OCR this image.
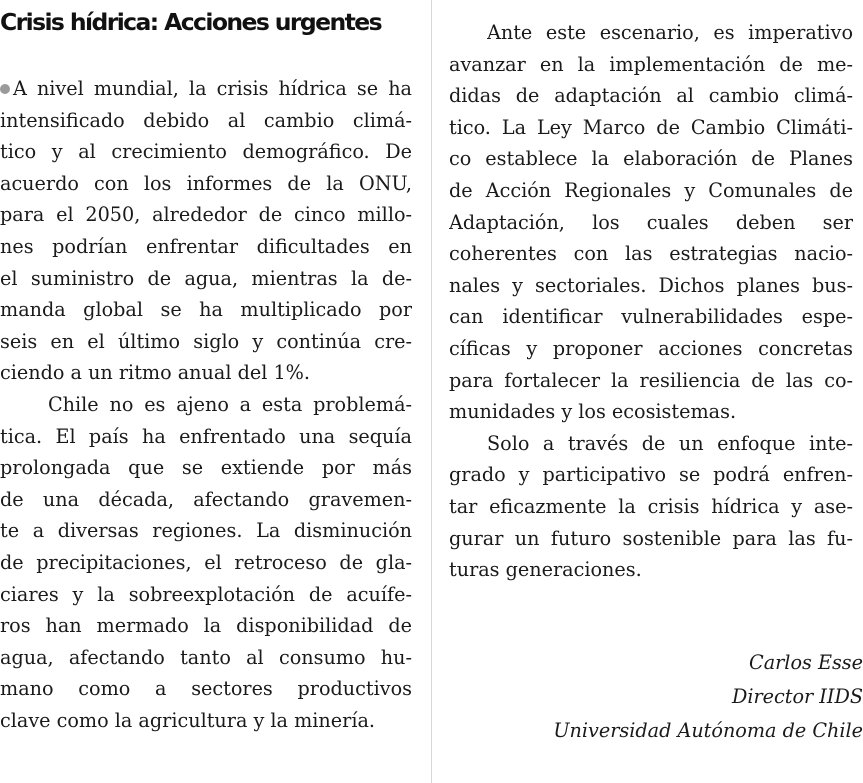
Crisis hídrica: Acciones urgentes
A nivel mundial, la crisis hídrica se ha
intensificado debido al cambio climá-
tico y al crecimiento demográfico. De
acuerdo con los informes de la ONU,
para el 2050, alrededor de cinco millo-
nes podrían enfrentar dificultades en
el suministro de agua, mientras la de-
manda global se ha multiplicado por
seis en el último siglo y continúa cre-
ciendo a un ritmo anual del 1%.
Chile no es ajeno a esta problemá-
tica. El país ha enfrentado una sequía
prolongada que se extiende por más
de una década, afectando gravemen-
te a diversas regiones. La disminución
de precipitaciones, el retroceso de gla-
ciares y la sobreexplotación de acuífe-
ros han mermado la disponibilidad de
agua, afectando tanto al consumo hu-
mano como a sectores productivos
clave como la agricultura y la minería.
Ante este escenario, es imperativo
avanzar en la implementación de me-
didas de adaptación al cambio climá-
tico. La Ley Marco de Cambio Climáti-
co establece la elaboración de Planes
de Acción Regionales y Comunales de
Adaptación, los cuales deben ser
coherentes con las estrategias nacio-
nales y sectoriales. Dichos planes bus-
can identificar vulnerabilidades espe-
cíficas y proponer acciones concretas
para fortalecer la resiliencia de las co-
munidades y los ecosistemas.
Solo a través de un enfoque inte-
grado y participativo se podrá enfren-
tar eficazmente la crisis hídrica y ase-
gurar un futuro sostenible para las fu-
turas generaciones.
Carlos Esse
Director IIDS
Universidad Autónoma de Chile
